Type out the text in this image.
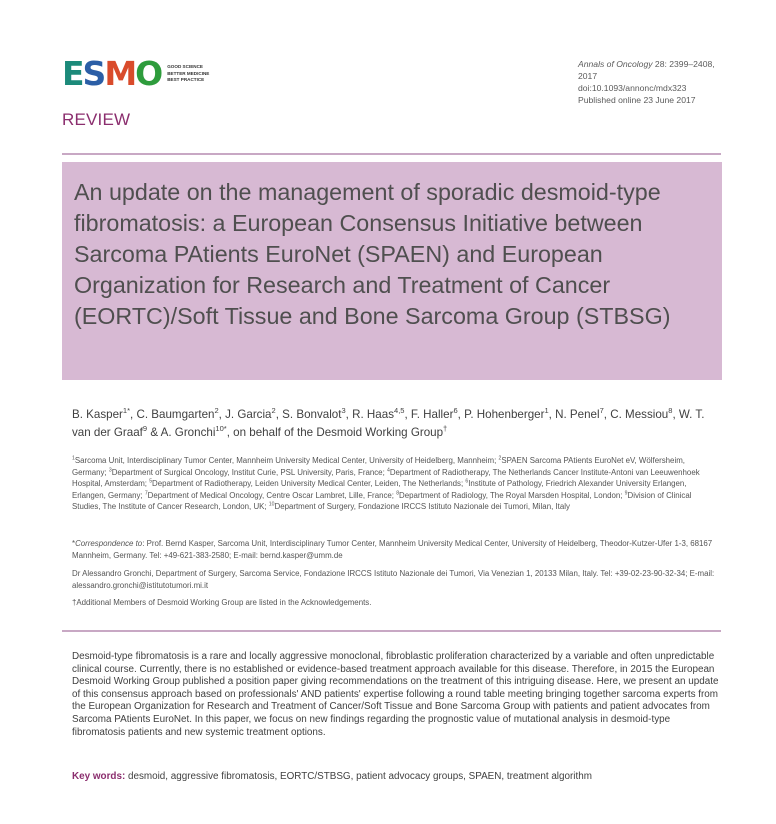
ESMO GOOD SCIENCE
BETTER MEDICINE
BEST PRACTICE
Annals of Oncology 28: 2399–2408, 2017
doi:10.1093/annonc/mdx323
Published online 23 June 2017
REVIEW
An update on the management of sporadic desmoid-type fibromatosis: a European Consensus Initiative between Sarcoma PAtients EuroNet (SPAEN) and European Organization for Research and Treatment of Cancer (EORTC)/Soft Tissue and Bone Sarcoma Group (STBSG)
B. Kasper$^{1*}$, C. Baumgarten$^2$, J. Garcia$^2$, S. Bonvalot$^3$, R. Haas$^{4,5}$, F. Haller$^6$, P. Hohenberger$^1$, N. Penel$^7$, C. Messiou$^8$, W. T. van der Graaf$^9$ & A. Gronchi$^{10*}$, on behalf of the Desmoid Working Group†
$^1$Sarcoma Unit, Interdisciplinary Tumor Center, Mannheim University Medical Center, University of Heidelberg, Mannheim; $^2$SPAEN Sarcoma PAtients EuroNet eV, Wölfersheim, Germany; $^3$Department of Surgical Oncology, Institut Curie, PSL University, Paris, France; $^4$Department of Radiotherapy, The Netherlands Cancer Institute-Antoni van Leeuwenhoek Hospital, Amsterdam; $^5$Department of Radiotherapy, Leiden University Medical Center, Leiden, The Netherlands; $^6$Institute of Pathology, Friedrich Alexander University Erlangen, Erlangen, Germany; $^7$Department of Medical Oncology, Centre Oscar Lambret, Lille, France; $^8$Department of Radiology, The Royal Marsden Hospital, London; $^9$Division of Clinical Studies, The Institute of Cancer Research, London, UK; $^{10}$Department of Surgery, Fondazione IRCCS Istituto Nazionale dei Tumori, Milan, Italy
*Correspondence to: Prof. Bernd Kasper, Sarcoma Unit, Interdisciplinary Tumor Center, Mannheim University Medical Center, University of Heidelberg, Theodor-Kutzer-Ufer 1-3, 68167 Mannheim, Germany. Tel: +49-621-383-2580; E-mail: bernd.kasper@umm.de
Dr Alessandro Gronchi, Department of Surgery, Sarcoma Service, Fondazione IRCCS Istituto Nazionale dei Tumori, Via Venezian 1, 20133 Milan, Italy. Tel: +39-02-23-90-32-34; E-mail: alessandro.gronchi@istitutotumori.mi.it
†Additional Members of Desmoid Working Group are listed in the Acknowledgements.
Desmoid-type fibromatosis is a rare and locally aggressive monoclonal, fibroblastic proliferation characterized by a variable and often unpredictable clinical course. Currently, there is no established or evidence-based treatment approach available for this disease. Therefore, in 2015 the European Desmoid Working Group published a position paper giving recommendations on the treatment of this intriguing disease. Here, we present an update of this consensus approach based on professionals' AND patients' expertise following a round table meeting bringing together sarcoma experts from the European Organization for Research and Treatment of Cancer/Soft Tissue and Bone Sarcoma Group with patients and patient advocates from Sarcoma PAtients EuroNet. In this paper, we focus on new findings regarding the prognostic value of mutational analysis in desmoid-type fibromatosis patients and new systemic treatment options.
Key words: desmoid, aggressive fibromatosis, EORTC/STBSG, patient advocacy groups, SPAEN, treatment algorithm
